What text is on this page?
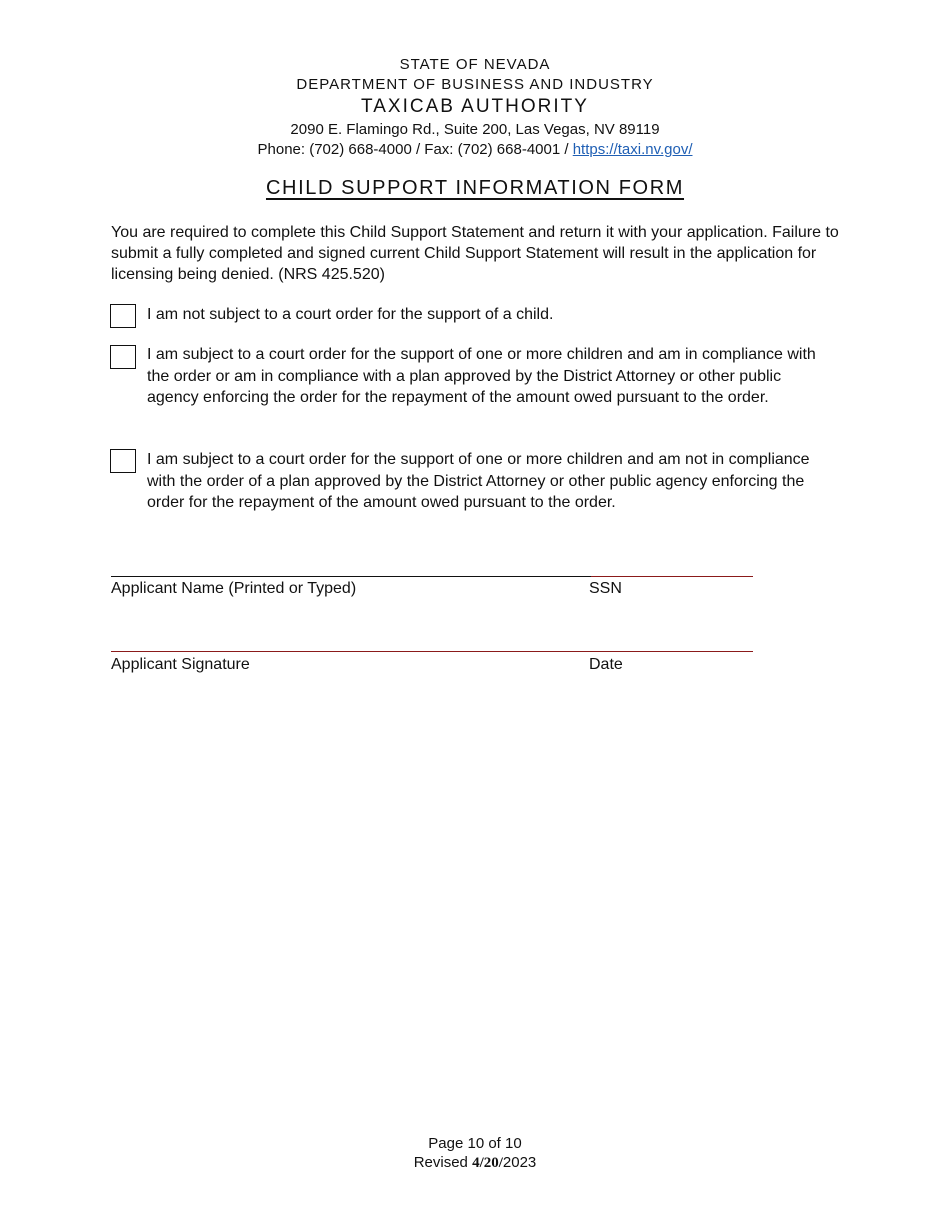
STATE OF NEVADA
DEPARTMENT OF BUSINESS AND INDUSTRY
TAXICAB AUTHORITY
2090 E. Flamingo Rd., Suite 200, Las Vegas, NV 89119
Phone: (702) 668-4000 / Fax: (702) 668-4001 / https://taxi.nv.gov/
CHILD SUPPORT INFORMATION FORM
You are required to complete this Child Support Statement and return it with your application. Failure to submit a fully completed and signed current Child Support Statement will result in the application for licensing being denied. (NRS 425.520)
I am not subject to a court order for the support of a child.
I am subject to a court order for the support of one or more children and am in compliance with the order or am in compliance with a plan approved by the District Attorney or other public agency enforcing the order for the repayment of the amount owed pursuant to the order.
I am subject to a court order for the support of one or more children and am not in compliance with the order of a plan approved by the District Attorney or other public agency enforcing the order for the repayment of the amount owed pursuant to the order.
Applicant Name (Printed or Typed)	SSN
Applicant Signature	Date
Page 10 of 10
Revised 4/20/2023
